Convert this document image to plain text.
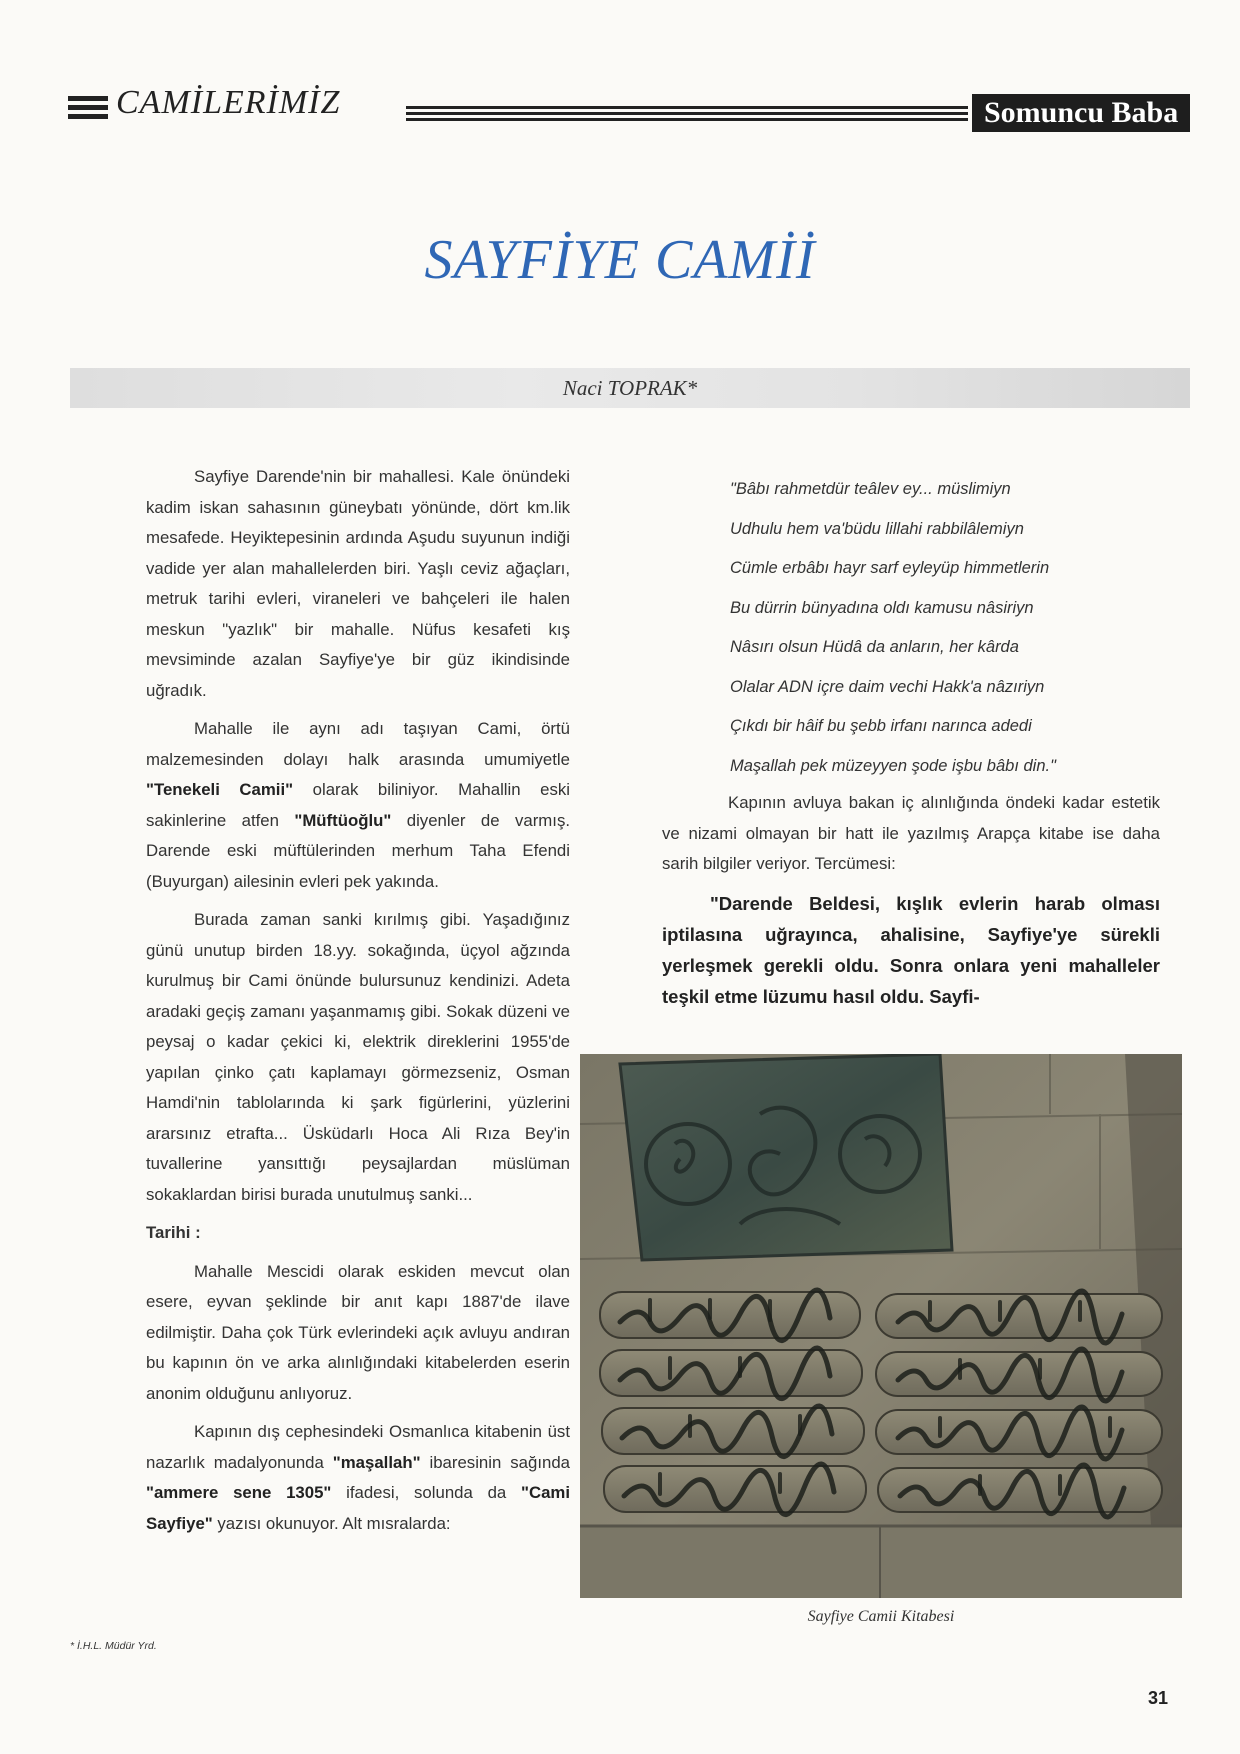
CAMİLERİMİZ	Somuncu Baba
SAYFİYE CAMİİ
Naci TOPRAK*

Sayfiye Darende'nin bir mahallesi. Kale önündeki kadim iskan sahasının güneybatı yönünde, dört km.lik mesafede. Heyiktepesinin ardında Aşudu suyunun indiği vadide yer alan mahallelerden biri. Yaşlı ceviz ağaçları, metruk tarihi evleri, viraneleri ve bahçeleri ile halen meskun "yazlık" bir mahalle. Nüfus kesafeti kış mevsiminde azalan Sayfiye'ye bir güz ikindisinde uğradık.

Mahalle ile aynı adı taşıyan Cami, örtü malzemesinden dolayı halk arasında umumiyetle "Tenekeli Camii" olarak biliniyor. Mahallin eski sakinlerine atfen "Müftüoğlu" diyenler de varmış. Darende eski müftülerinden merhum Taha Efendi (Buyurgan) ailesinin evleri pek yakında.

Burada zaman sanki kırılmış gibi. Yaşadığınız günü unutup birden 18.yy. sokağında, üçyol ağzında kurulmuş bir Cami önünde bulursunuz kendinizi. Adeta aradaki geçiş zamanı yaşanmamış gibi. Sokak düzeni ve peysaj o kadar çekici ki, elektrik direklerini 1955'de yapılan çinko çatı kaplamayı görmezseniz, Osman Hamdi'nin tablolarında ki şark figürlerini, yüzlerini ararsınız etrafta... Üsküdarlı Hoca Ali Rıza Bey'in tuvallerine yansıttığı peysajlardan müslüman sokaklardan birisi burada unutulmuş sanki...

Tarihi :

Mahalle Mescidi olarak eskiden mevcut olan esere, eyvan şeklinde bir anıt kapı 1887'de ilave edilmiştir. Daha çok Türk evlerindeki açık avluyu andıran bu kapının ön ve arka alınlığındaki kitabelerden eserin anonim olduğunu anlıyoruz.

Kapının dış cephesindeki Osmanlıca kitabenin üst nazarlık madalyonunda "maşallah" ibaresinin sağında "ammere sene 1305" ifadesi, solunda da "Cami Sayfiye" yazısı okunuyor. Alt mısralarda:

"Bâbı rahmetdür teâlev ey... müslimiyn
Udhulu hem va'büdu lillahi rabbilâlemiyn
Cümle erbâbı hayr sarf eyleyüp himmetlerin
Bu dürrin bünyadına oldı kamusu nâsiriyn
Nâsırı olsun Hüdâ da anların, her kârda
Olalar ADN içre daim vechi Hakk'a nâzıriyn
Çıkdı bir hâif bu şebb irfanı narınca adedi
Maşallah pek müzeyyen şode işbu bâbı din."

Kapının avluya bakan iç alınlığında öndeki kadar estetik ve nizami olmayan bir hatt ile yazılmış Arapça kitabe ise daha sarih bilgiler veriyor. Tercümesi:

"Darende Beldesi, kışlık evlerin harab olması iptilasına uğrayınca, ahalisine, Sayfiye'ye sürekli yerleşmek gerekli oldu. Sonra onlara yeni mahalleler teşkil etme lüzumu hasıl oldu. Sayfi-

Sayfiye Camii Kitabesi
* İ.H.L. Müdür Yrd.
31
